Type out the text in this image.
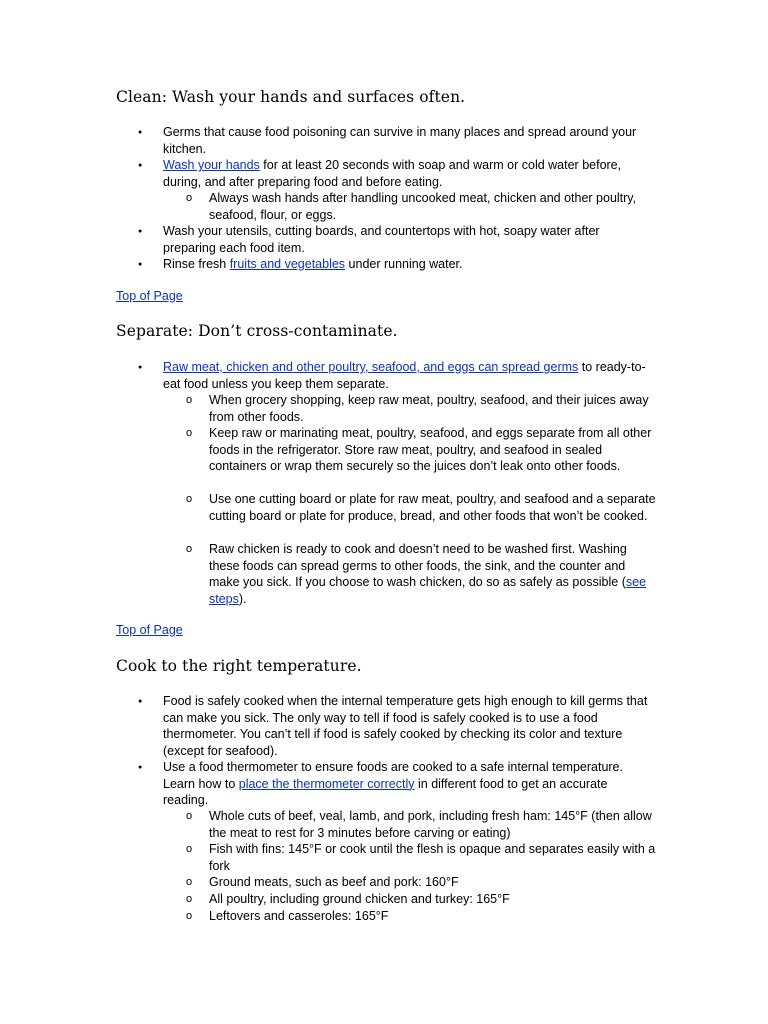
Clean: Wash your hands and surfaces often.
●
Germs that cause food poisoning can survive in many places and spread around your kitchen.
●
Wash your hands for at least 20 seconds with soap and warm or cold water before, during, and after preparing food and before eating.
o Always wash hands after handling uncooked meat, chicken and other poultry, seafood, flour, or eggs.
●
Wash your utensils, cutting boards, and countertops with hot, soapy water after preparing each food item.
●
Rinse fresh fruits and vegetables under running water.
Top of Page
Separate: Don’t cross-contaminate.
●
Raw meat, chicken and other poultry, seafood, and eggs can spread germs to ready-to-eat food unless you keep them separate.
o When grocery shopping, keep raw meat, poultry, seafood, and their juices away from other foods.
o Keep raw or marinating meat, poultry, seafood, and eggs separate from all other foods in the refrigerator. Store raw meat, poultry, and seafood in sealed containers or wrap them securely so the juices don’t leak onto other foods.
o Use one cutting board or plate for raw meat, poultry, and seafood and a separate cutting board or plate for produce, bread, and other foods that won’t be cooked.
o Raw chicken is ready to cook and doesn’t need to be washed first. Washing these foods can spread germs to other foods, the sink, and the counter and make you sick. If you choose to wash chicken, do so as safely as possible (see steps).
Top of Page
Cook to the right temperature.
●
Food is safely cooked when the internal temperature gets high enough to kill germs that can make you sick. The only way to tell if food is safely cooked is to use a food thermometer. You can’t tell if food is safely cooked by checking its color and texture (except for seafood).
●
Use a food thermometer to ensure foods are cooked to a safe internal temperature. Learn how to place the thermometer correctly in different food to get an accurate reading.
o Whole cuts of beef, veal, lamb, and pork, including fresh ham: 145°F (then allow the meat to rest for 3 minutes before carving or eating)
o Fish with fins: 145°F or cook until the flesh is opaque and separates easily with a fork
o Ground meats, such as beef and pork: 160°F
o All poultry, including ground chicken and turkey: 165°F
o Leftovers and casseroles: 165°F
